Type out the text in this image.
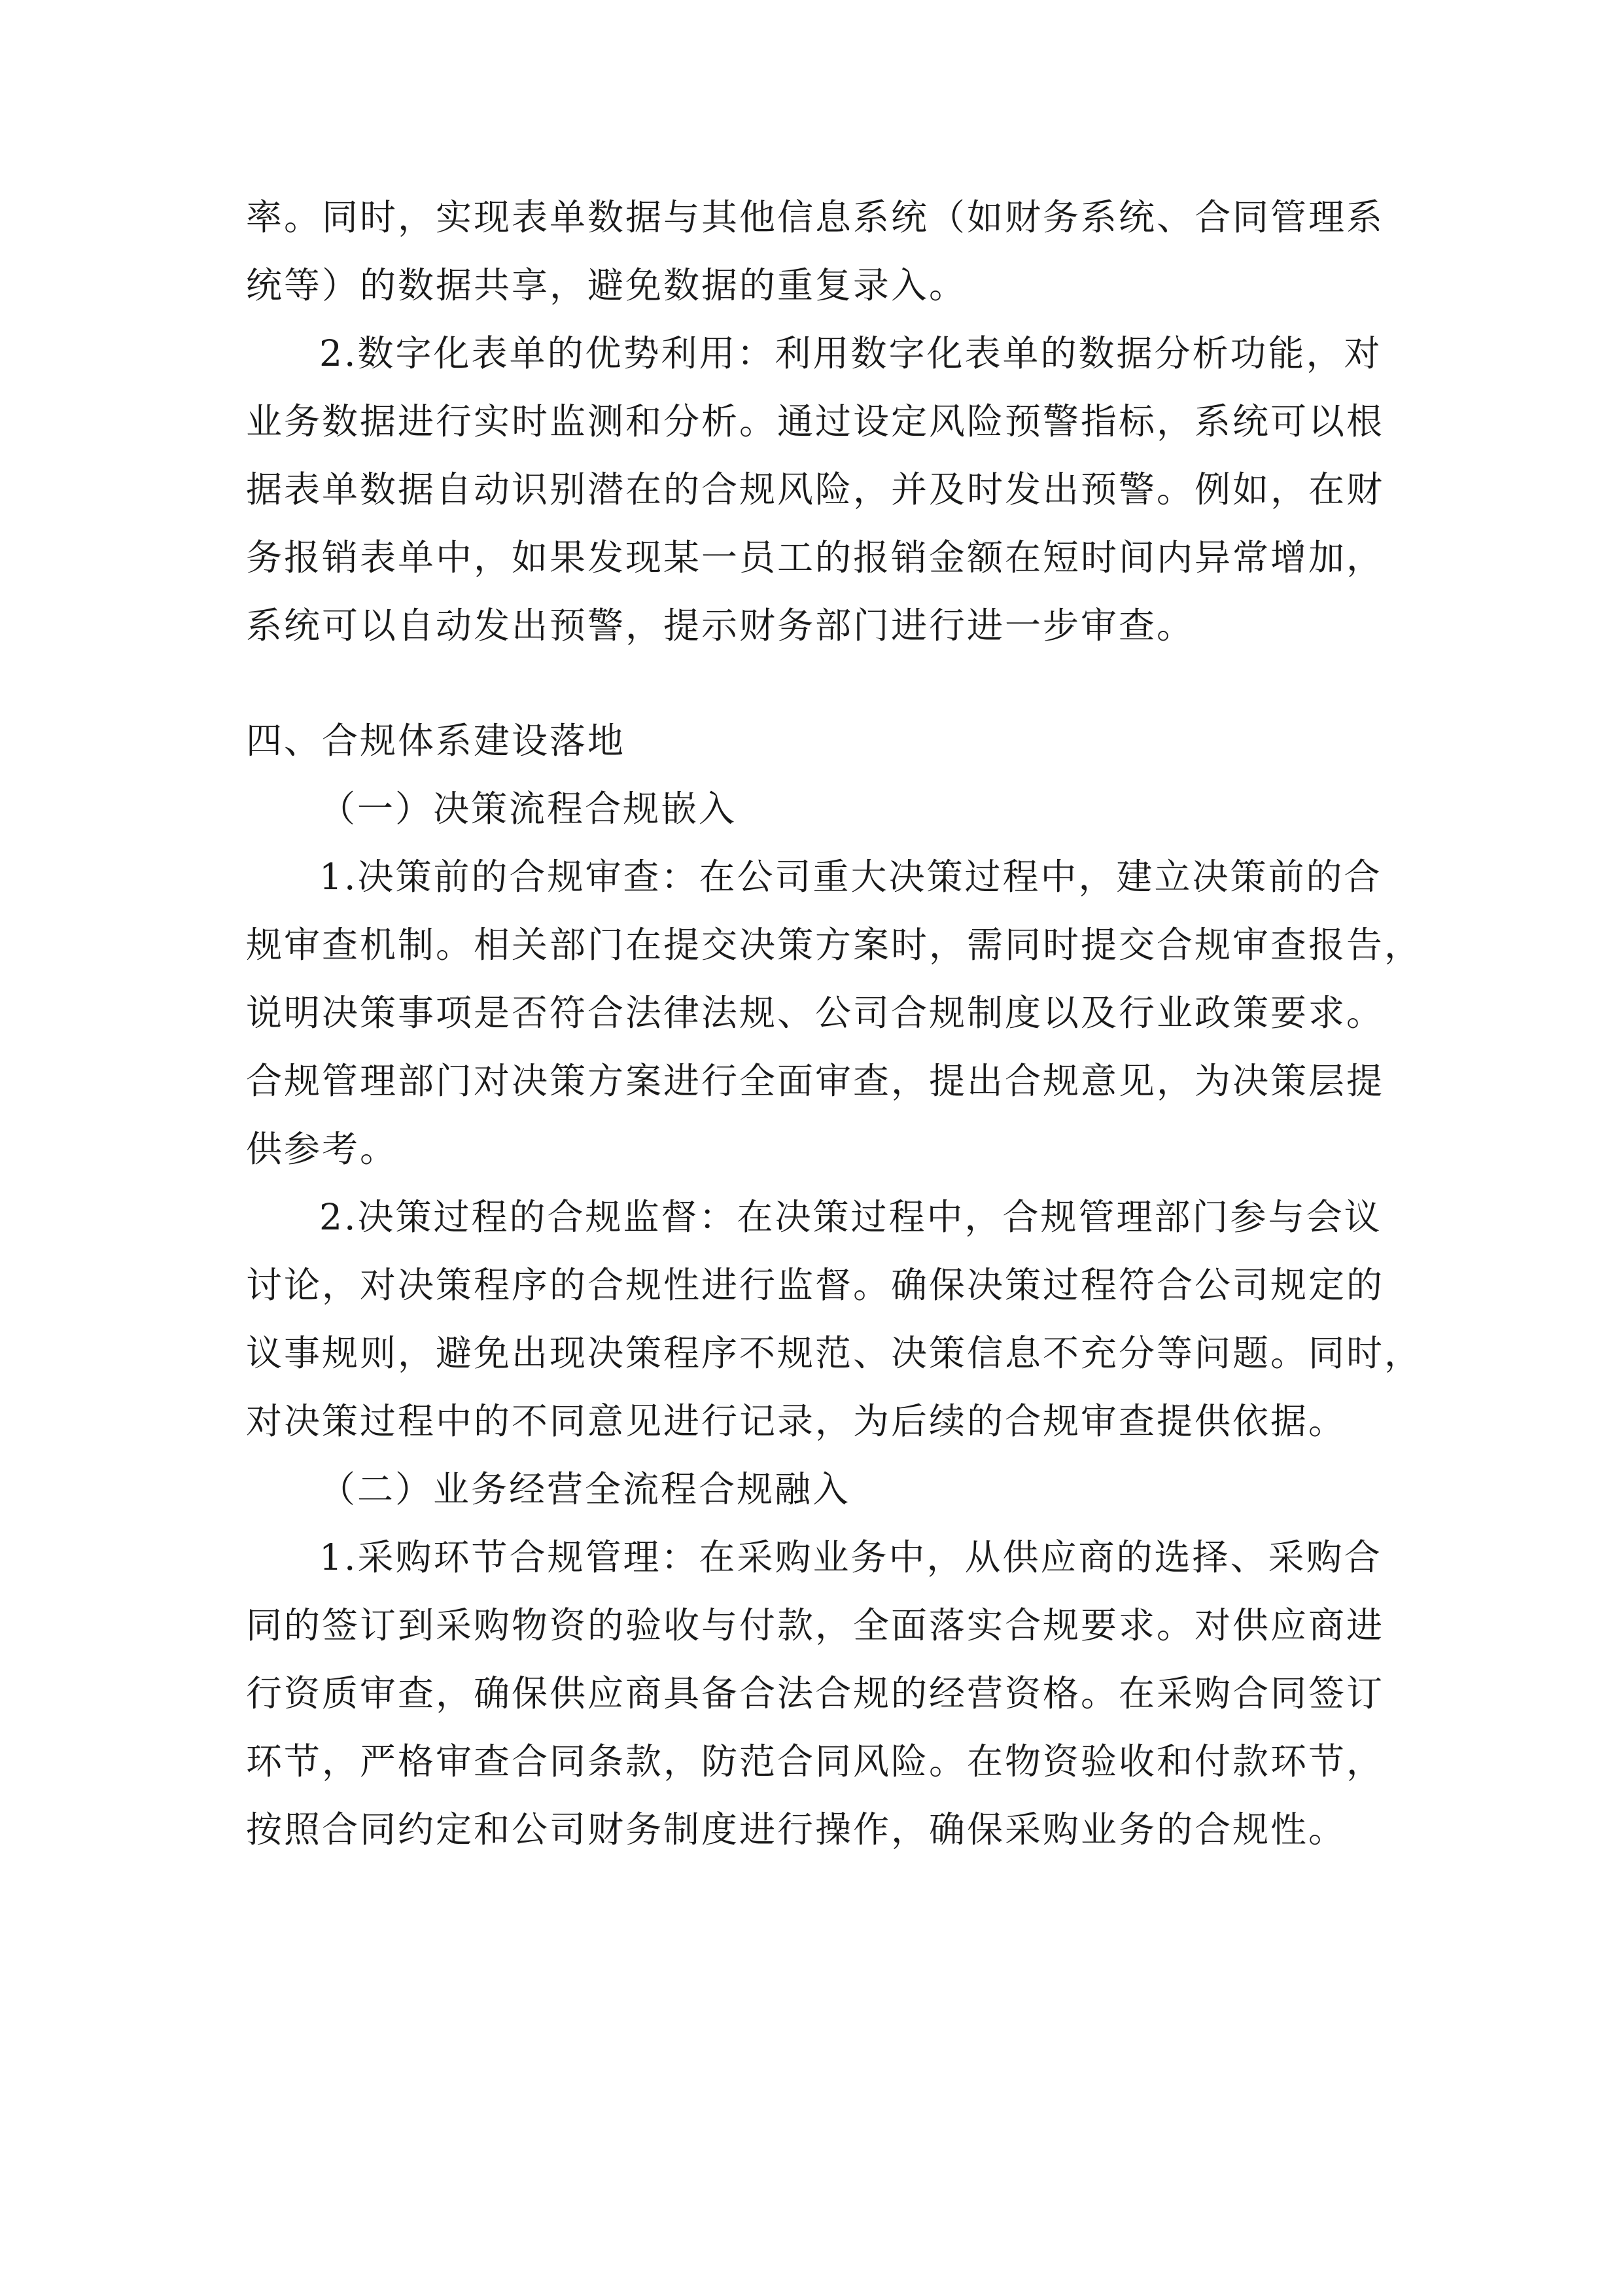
率。同时，实现表单数据与其他信息系统（如财务系统、合同管理系
统等）的数据共享，避免数据的重复录入。
2.数字化表单的优势利用：利用数字化表单的数据分析功能，对
业务数据进行实时监测和分析。通过设定风险预警指标，系统可以根
据表单数据自动识别潜在的合规风险，并及时发出预警。例如，在财
务报销表单中，如果发现某一员工的报销金额在短时间内异常增加，
系统可以自动发出预警，提示财务部门进行进一步审查。
四、合规体系建设落地
（一）决策流程合规嵌入
1.决策前的合规审查：在公司重大决策过程中，建立决策前的合
规审查机制。相关部门在提交决策方案时，需同时提交合规审查报告，
说明决策事项是否符合法律法规、公司合规制度以及行业政策要求。
合规管理部门对决策方案进行全面审查，提出合规意见，为决策层提
供参考。
2.决策过程的合规监督：在决策过程中，合规管理部门参与会议
讨论，对决策程序的合规性进行监督。确保决策过程符合公司规定的
议事规则，避免出现决策程序不规范、决策信息不充分等问题。同时，
对决策过程中的不同意见进行记录，为后续的合规审查提供依据。
（二）业务经营全流程合规融入
1.采购环节合规管理：在采购业务中，从供应商的选择、采购合
同的签订到采购物资的验收与付款，全面落实合规要求。对供应商进
行资质审查，确保供应商具备合法合规的经营资格。在采购合同签订
环节，严格审查合同条款，防范合同风险。在物资验收和付款环节，
按照合同约定和公司财务制度进行操作，确保采购业务的合规性。
